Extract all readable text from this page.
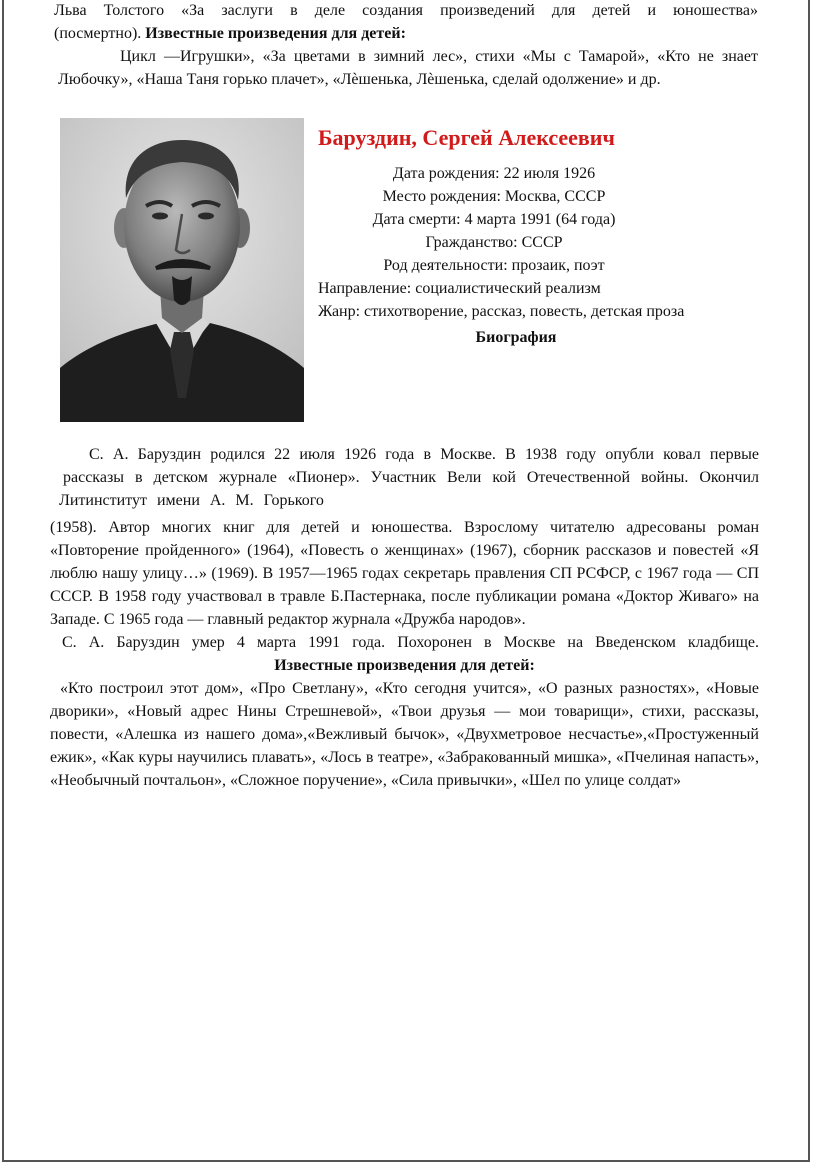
Льва Толстого «За заслуги в деле создания произведений для детей и юношества»
(посмертно). Известные произведения для детей:
Цикл ―Игрушки», «За цветами в зимний лес», стихи «Мы с Тамарой», «Кто не знает Любочку», «Наша Таня горько плачет», «Лѐшенька, Лѐшенька, сделай одолжение» и др.
Баруздин, Сергей Алексеевич
Дата рождения: 22 июля 1926
Место рождения: Москва, СССР
Дата смерти: 4 марта 1991 (64 года)
Гражданство: СССР
Род деятельности: прозаик, поэт
Направление: социалистический реализм
Жанр: стихотворение, рассказ, повесть, детская проза
Биография
С. А. Баруздин родился 22 июля 1926 года в Москве. В 1938 году опубли ковал первые
рассказы в детском журнале «Пионер». Участник Вели кой Отечественной войны. Окончил
Литинститут имени А. М. Горького

(1958). Автор многих книг для детей и юношества. Взрослому читателю адресованы роман «Повторение пройденного» (1964), «Повесть о женщинах» (1967), сборник рассказов и повестей «Я люблю нашу улицу…» (1969). В 1957—1965 годах секретарь правления СП РСФСР, с 1967 года — СП СССР. В 1958 году участвовал в травле Б.Пастернака, после публикации романа «Доктор Живаго» на Западе. С 1965 года — главный редактор журнала «Дружба народов».

С. А. Баруздин умер 4 марта 1991 года. Похоронен в Москве на Введенском кладбище.

Известные произведения для детей:

«Кто построил этот дом», «Про Светлану», «Кто сегодня учится», «О разных разностях», «Новые дворики», «Новый адрес Нины Стрешневой», «Твои друзья — мои товарищи», стихи, рассказы, повести, «Алешка из нашего дома»,«Вежливый бычок», «Двухметровое несчастье»,«Простуженный ежик», «Как куры научились плавать», «Лось в театре», «Забракованный мишка», «Пчелиная напасть», «Необычный почтальон», «Сложное поручение», «Сила привычки», «Шел по улице солдат»
